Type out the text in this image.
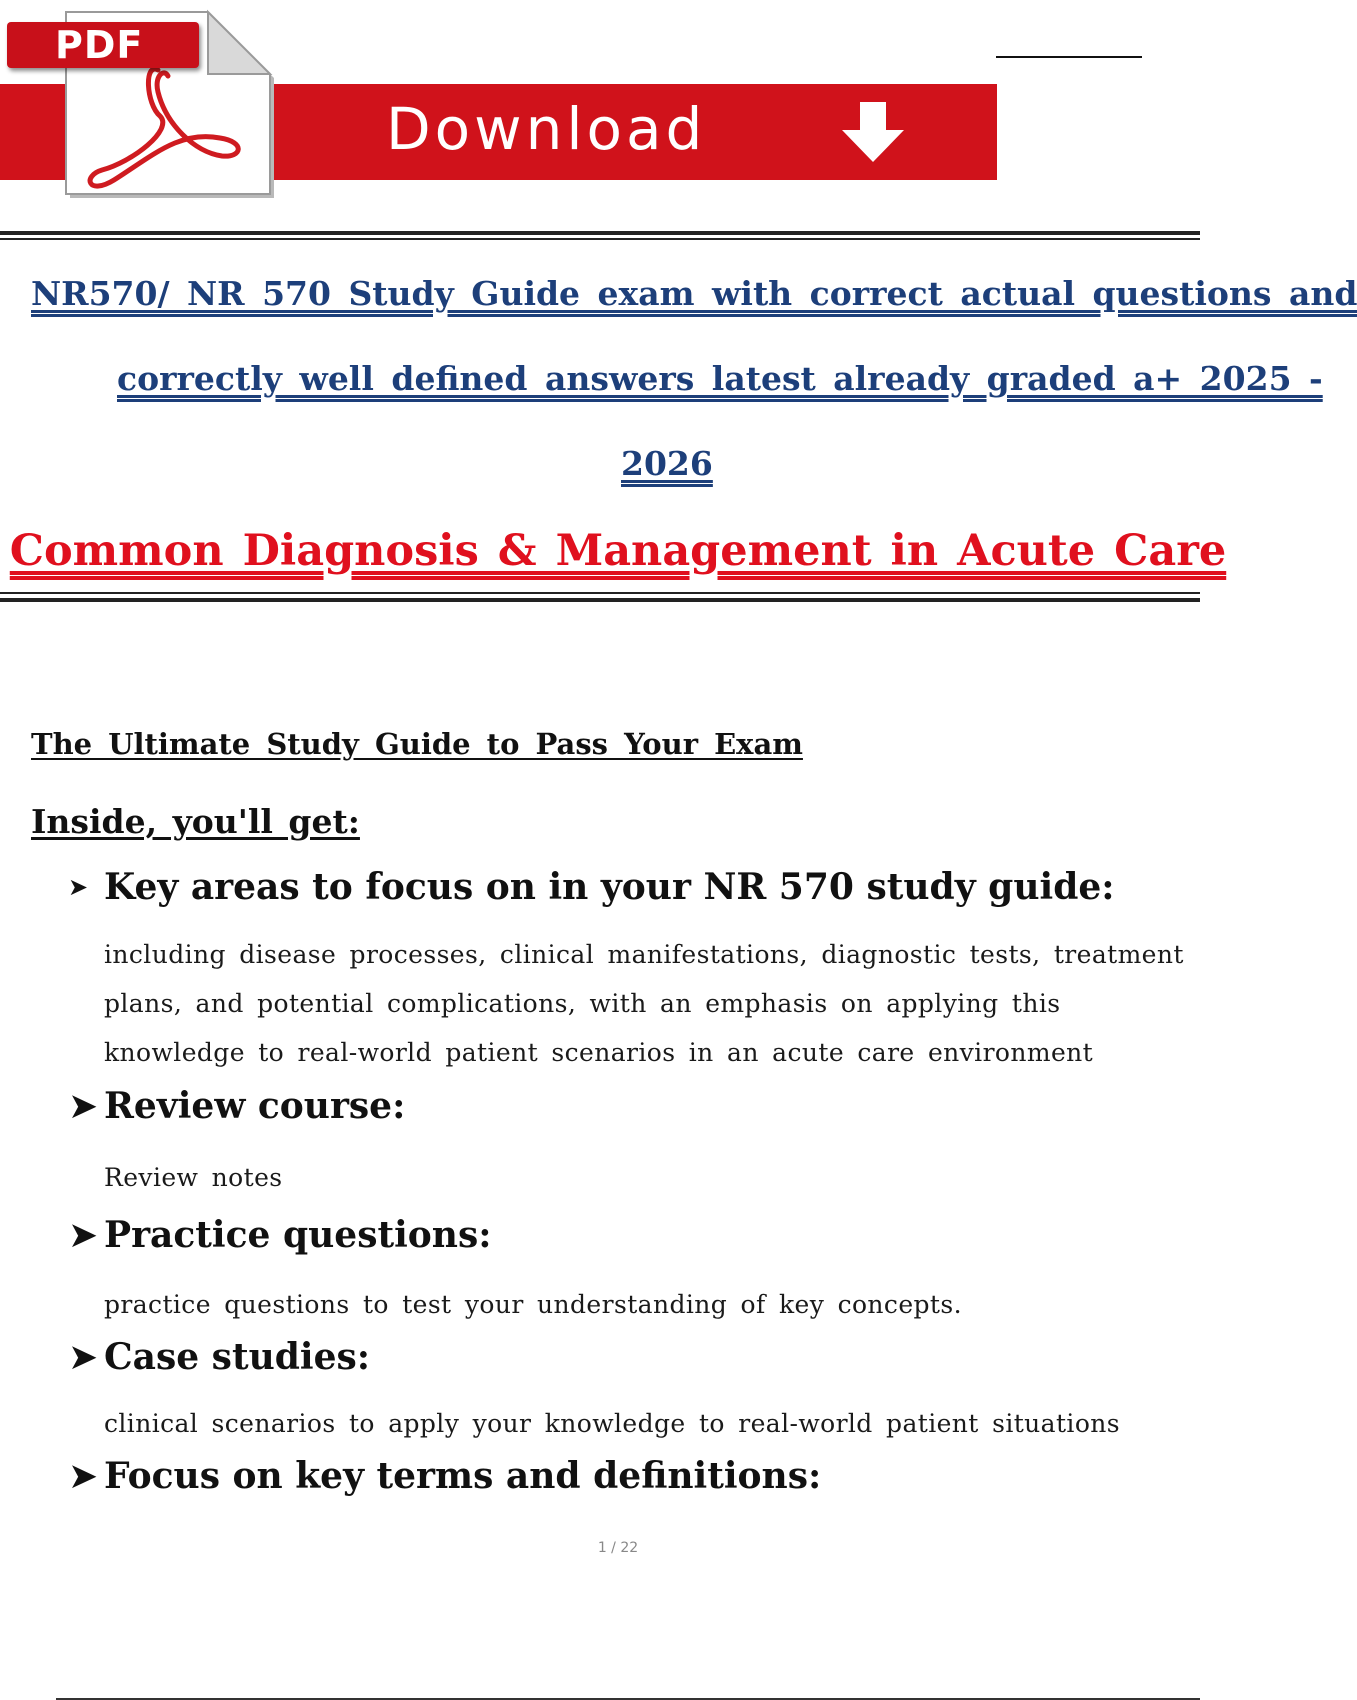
Download
PDF
NR570/ NR 570 Study Guide exam with correct actual questions and
correctly well defined answers latest already graded a+ 2025 -
2026
Common Diagnosis & Management in Acute Care
The Ultimate Study Guide to Pass Your Exam
Inside, you'll get:
➤ Key areas to focus on in your NR 570 study guide:
including disease processes, clinical manifestations, diagnostic tests, treatment plans, and potential complications, with an emphasis on applying this knowledge to real-world patient scenarios in an acute care environment
➤ Review course:
Review notes
➤ Practice questions:
practice questions to test your understanding of key concepts.
➤ Case studies:
clinical scenarios to apply your knowledge to real-world patient situations
➤ Focus on key terms and definitions:
1 / 22
